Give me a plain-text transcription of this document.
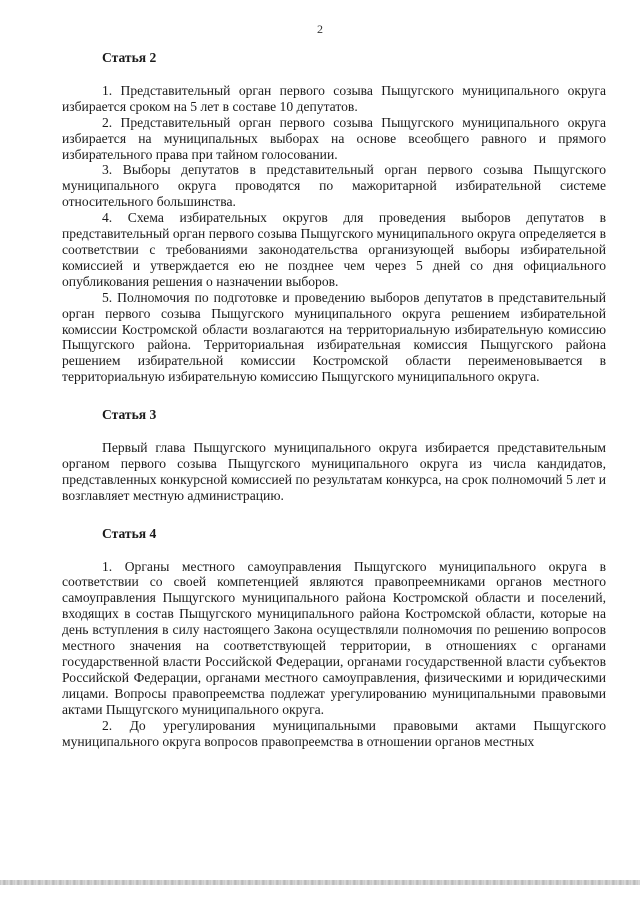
2

Статья 2

1. Представительный орган первого созыва Пыщугского муниципального округа избирается сроком на 5 лет в составе 10 депутатов.

2. Представительный орган первого созыва Пыщугского муниципального округа избирается на муниципальных выборах на основе всеобщего равного и прямого избирательного права при тайном голосовании.

3. Выборы депутатов в представительный орган первого созыва Пыщугского муниципального округа проводятся по мажоритарной избирательной системе относительного большинства.

4. Схема избирательных округов для проведения выборов депутатов в представительный орган первого созыва Пыщугского муниципального округа определяется в соответствии с требованиями законодательства организующей выборы избирательной комиссией и утверждается ею не позднее чем через 5 дней со дня официального опубликования решения о назначении выборов.

5. Полномочия по подготовке и проведению выборов депутатов в представительный орган первого созыва Пыщугского муниципального округа решением избирательной комиссии Костромской области возлагаются на территориальную избирательную комиссию Пыщугского района. Территориальная избирательная комиссия Пыщугского района решением избирательной комиссии Костромской области переименовывается в территориальную избирательную комиссию Пыщугского муниципального округа.

Статья 3

Первый глава Пыщугского муниципального округа избирается представительным органом первого созыва Пыщугского муниципального округа из числа кандидатов, представленных конкурсной комиссией по результатам конкурса, на срок полномочий 5 лет и возглавляет местную администрацию.

Статья 4

1. Органы местного самоуправления Пыщугского муниципального округа в соответствии со своей компетенцией являются правопреемниками органов местного самоуправления Пыщугского муниципального района Костромской области и поселений, входящих в состав Пыщугского муниципального района Костромской области, которые на день вступления в силу настоящего Закона осуществляли полномочия по решению вопросов местного значения на соответствующей территории, в отношениях с органами государственной власти Российской Федерации, органами государственной власти субъектов Российской Федерации, органами местного самоуправления, физическими и юридическими лицами. Вопросы правопреемства подлежат урегулированию муниципальными правовыми актами Пыщугского муниципального округа.

2. До урегулирования муниципальными правовыми актами Пыщугского муниципального округа вопросов правопреемства в отношении органов местных
